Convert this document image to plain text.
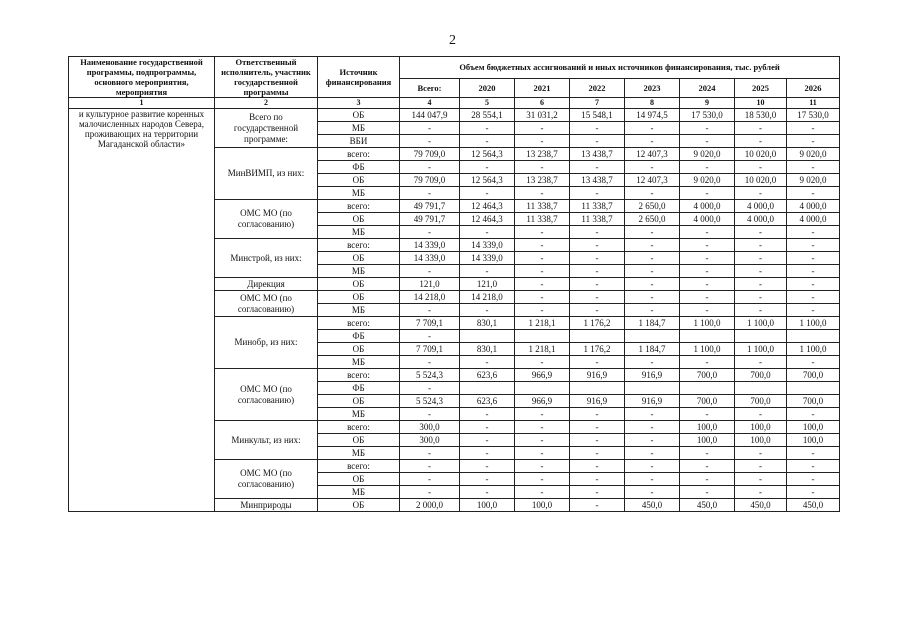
2
Наименование государственной программы, подпрограммы, основного мероприятия, мероприятия	Ответственный исполнитель, участник государственной программы	Источник финансирования	Объем бюджетных ассигнований и иных источников финансирования, тыс. рублей							
			Всего:	2020	2021	2022	2023	2024	2025	2026
1	2	3	4	5	6	7	8	9	10	11
и культурное развитие коренных малочисленных народов Севера, проживающих на территории Магаданской области»	Всего по государственной программе:	ОБ	144 047,9	28 554,1	31 031,2	15 548,1	14 974,5	17 530,0	18 530,0	17 530,0
		МБ	-	-	-	-	-	-	-	-
		ВБИ	-	-	-	-	-	-	-	-
	МинВИМП, из них:	всего:	79 709,0	12 564,3	13 238,7	13 438,7	12 407,3	9 020,0	10 020,0	9 020,0
		ФБ	-	-	-	-	-	-	-	-
		ОБ	79 709,0	12 564,3	13 238,7	13 438,7	12 407,3	9 020,0	10 020,0	9 020,0
		МБ	-	-	-	-	-	-	-	-
	ОМС МО (по согласованию)	всего:	49 791,7	12 464,3	11 338,7	11 338,7	2 650,0	4 000,0	4 000,0	4 000,0
		ОБ	49 791,7	12 464,3	11 338,7	11 338,7	2 650,0	4 000,0	4 000,0	4 000,0
		МБ	-	-	-	-	-	-	-	-
	Минстрой, из них:	всего:	14 339,0	14 339,0	-	-	-	-	-	-
		ОБ	14 339,0	14 339,0	-	-	-	-	-	-
		МБ	-	-	-	-	-	-	-	-
	Дирекция	ОБ	121,0	121,0	-	-	-	-	-	-
	ОМС МО (по согласованию)	ОБ	14 218,0	14 218,0	-	-	-	-	-	-
		МБ	-	-	-	-	-	-	-	-
	Минобр, из них:	всего:	7 709,1	830,1	1 218,1	1 176,2	1 184,7	1 100,0	1 100,0	1 100,0
		ФБ	-							
		ОБ	7 709,1	830,1	1 218,1	1 176,2	1 184,7	1 100,0	1 100,0	1 100,0
		МБ	-	-	-	-	-	-	-	-
	ОМС МО (по согласованию)	всего:	5 524,3	623,6	966,9	916,9	916,9	700,0	700,0	700,0
		ФБ	-							
		ОБ	5 524,3	623,6	966,9	916,9	916,9	700,0	700,0	700,0
		МБ	-	-	-	-	-	-	-	-
	Минкульт, из них:	всего:	300,0	-	-	-	-	100,0	100,0	100,0
		ОБ	300,0	-	-	-	-	100,0	100,0	100,0
		МБ	-	-	-	-	-	-	-	-
	ОМС МО (по согласованию)	всего:	-	-	-	-	-	-	-	-
		ОБ	-	-	-	-	-	-	-	-
		МБ	-	-	-	-	-	-	-	-
	Минприроды	ОБ	2 000,0	100,0	100,0	-	450,0	450,0	450,0	450,0
